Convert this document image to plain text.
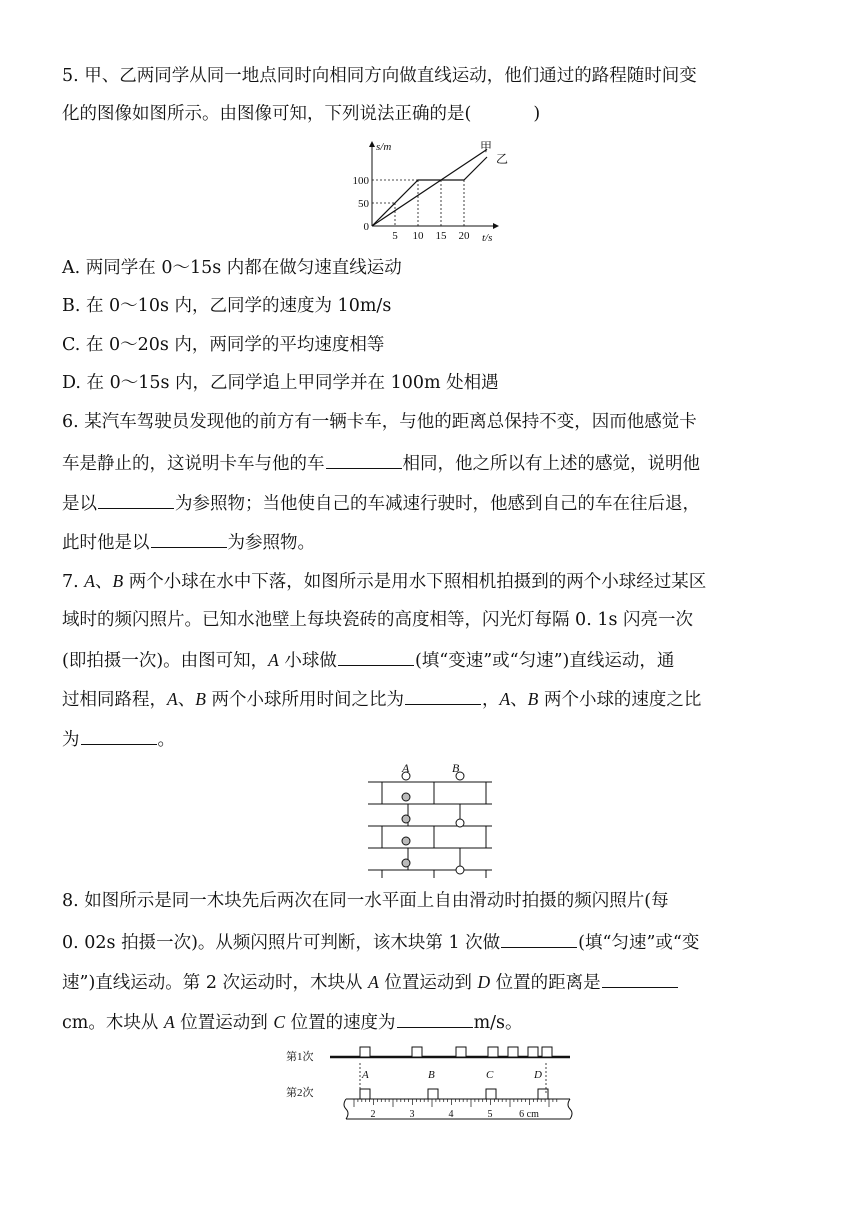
5. 甲、乙两同学从同一地点同时向相同方向做直线运动，他们通过的路程随时间变
化的图像如图所示。由图像可知，下列说法正确的是(	)
5 10 15 20
0
50
100
s/m
t/s
甲
乙
A. 两同学在 0～15s 内都在做匀速直线运动
B. 在 0～10s 内，乙同学的速度为 10m/s
C. 在 0～20s 内，两同学的平均速度相等
D. 在 0～15s 内，乙同学追上甲同学并在 100m 处相遇
6. 某汽车驾驶员发现他的前方有一辆卡车，与他的距离总保持不变，因而他感觉卡
车是静止的，这说明卡车与他的车	相同，他之所以有上述的感觉，说明他
是以	为参照物；当他使自己的车减速行驶时，他感到自己的车在往后退，
此时他是以	为参照物。
7. A、B 两个小球在水中下落，如图所示是用水下照相机拍摄到的两个小球经过某区
域时的频闪照片。已知水池壁上每块瓷砖的高度相等，闪光灯每隔 0. 1s 闪亮一次
(即拍摄一次)。由图可知，A 小球做	(填“变速”或“匀速”)直线运动，通
过相同路程，A、B 两个小球所用时间之比为	，A、B 两个小球的速度之比
为	。
A	B
8. 如图所示是同一木块先后两次在同一水平面上自由滑动时拍摄的频闪照片(每
0. 02s 拍摄一次)。从频闪照片可判断，该木块第 1 次做	(填“匀速”或“变
速”)直线运动。第 2 次运动时，木块从 A 位置运动到 D 位置的距离是
cm。木块从 A 位置运动到 C 位置的速度为	m/s。
第1次
第2次
2	3	4	5	6 cm
A	B	C	D
